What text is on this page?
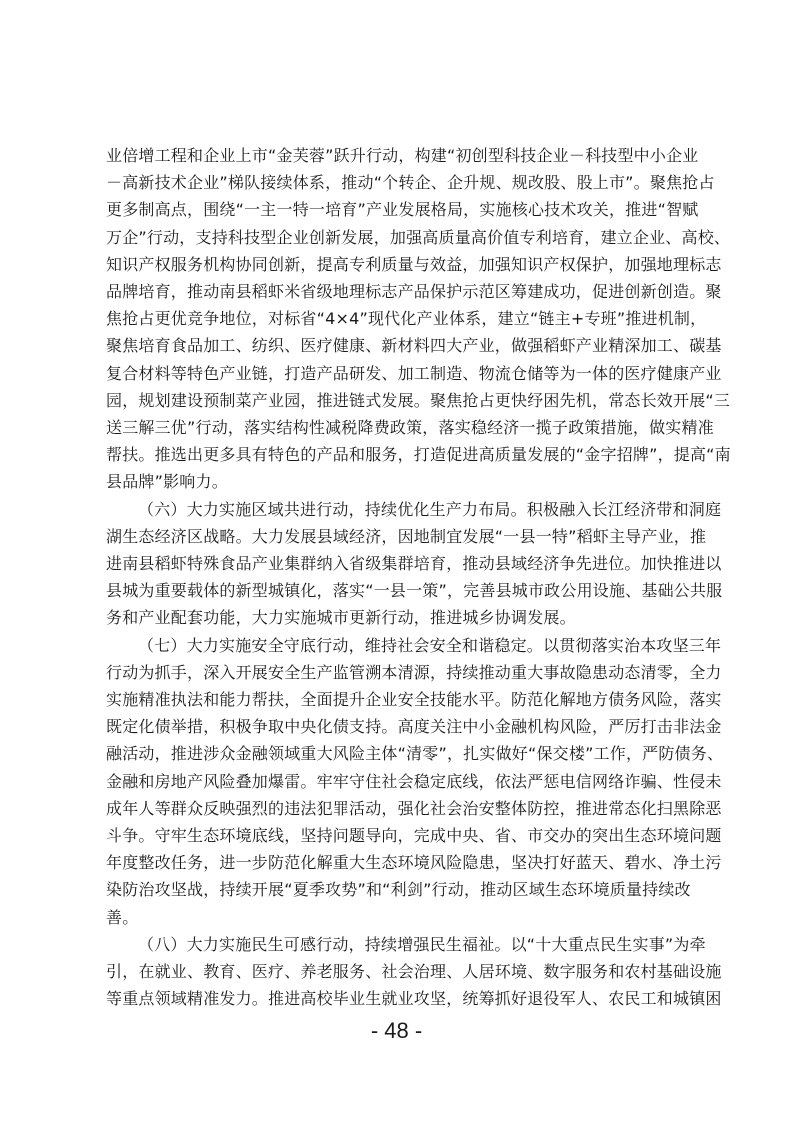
业倍增工程和企业上市“金芙蓉”跃升行动，构建“初创型科技企业－科技型中小企业
－高新技术企业”梯队接续体系，推动“个转企、企升规、规改股、股上市”。聚焦抢占
更多制高点，围绕“一主一特一培育”产业发展格局，实施核心技术攻关，推进“智赋
万企”行动，支持科技型企业创新发展，加强高质量高价值专利培育，建立企业、高校、
知识产权服务机构协同创新，提高专利质量与效益，加强知识产权保护，加强地理标志
品牌培育，推动南县稻虾米省级地理标志产品保护示范区筹建成功，促进创新创造。聚
焦抢占更优竞争地位，对标省“4×4”现代化产业体系，建立“链主+专班”推进机制，
聚焦培育食品加工、纺织、医疗健康、新材料四大产业，做强稻虾产业精深加工、碳基
复合材料等特色产业链，打造产品研发、加工制造、物流仓储等为一体的医疗健康产业
园，规划建设预制菜产业园，推进链式发展。聚焦抢占更快纾困先机，常态长效开展“三
送三解三优”行动，落实结构性减税降费政策，落实稳经济一揽子政策措施，做实精准
帮扶。推选出更多具有特色的产品和服务，打造促进高质量发展的“金字招牌”，提高“南
县品牌”影响力。
（六）大力实施区域共进行动，持续优化生产力布局。积极融入长江经济带和洞庭
湖生态经济区战略。大力发展县域经济，因地制宜发展“一县一特”稻虾主导产业，推
进南县稻虾特殊食品产业集群纳入省级集群培育，推动县域经济争先进位。加快推进以
县城为重要载体的新型城镇化，落实“一县一策”，完善县城市政公用设施、基础公共服
务和产业配套功能，大力实施城市更新行动，推进城乡协调发展。
（七）大力实施安全守底行动，维持社会安全和谐稳定。以贯彻落实治本攻坚三年
行动为抓手，深入开展安全生产监管溯本清源，持续推动重大事故隐患动态清零，全力
实施精准执法和能力帮扶，全面提升企业安全技能水平。防范化解地方债务风险，落实
既定化债举措，积极争取中央化债支持。高度关注中小金融机构风险，严厉打击非法金
融活动，推进涉众金融领域重大风险主体“清零”，扎实做好“保交楼”工作，严防债务、
金融和房地产风险叠加爆雷。牢牢守住社会稳定底线，依法严惩电信网络诈骗、性侵未
成年人等群众反映强烈的违法犯罪活动，强化社会治安整体防控，推进常态化扫黑除恶
斗争。守牢生态环境底线，坚持问题导向，完成中央、省、市交办的突出生态环境问题
年度整改任务，进一步防范化解重大生态环境风险隐患，坚决打好蓝天、碧水、净土污
染防治攻坚战，持续开展“夏季攻势”和“利剑”行动，推动区域生态环境质量持续改
善。
（八）大力实施民生可感行动，持续增强民生福祉。以“十大重点民生实事”为牵
引，在就业、教育、医疗、养老服务、社会治理、人居环境、数字服务和农村基础设施
等重点领域精准发力。推进高校毕业生就业攻坚，统筹抓好退役军人、农民工和城镇困
- 48 -
